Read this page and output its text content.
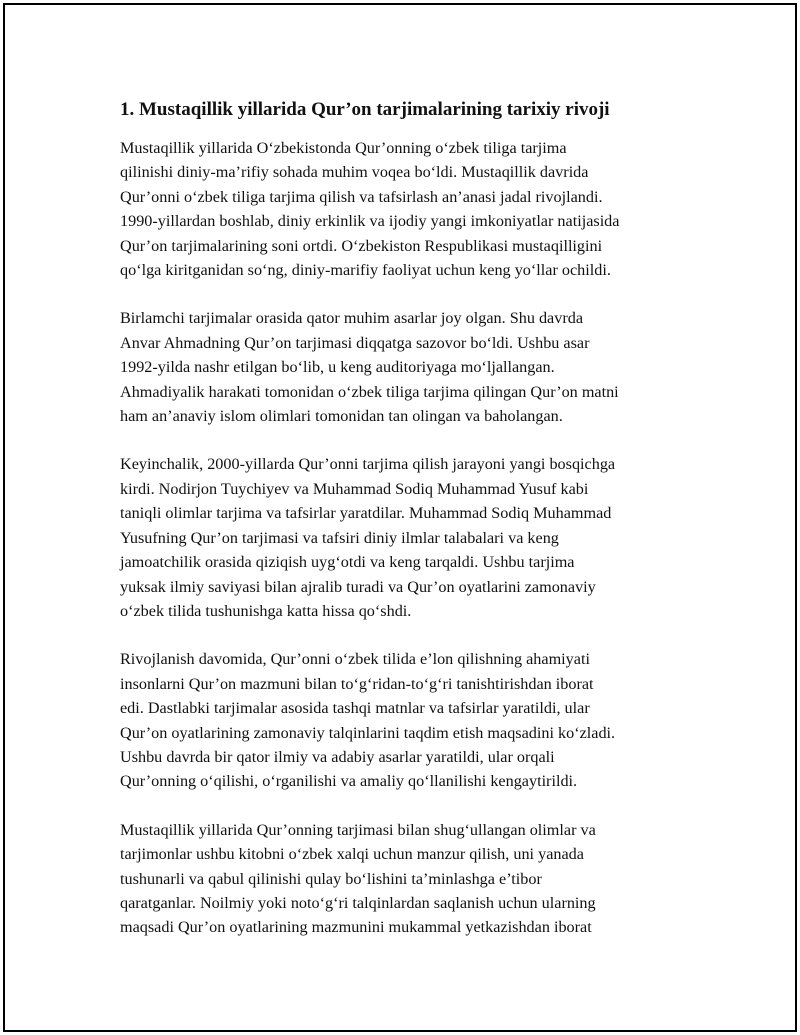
1. Mustaqillik yillarida Qur’on tarjimalarining tarixiy rivoji

Mustaqillik yillarida O‘zbekistonda Qur’onning o‘zbek tiliga tarjima
qilinishi diniy-ma’rifiy sohada muhim voqea bo‘ldi. Mustaqillik davrida
Qur’onni o‘zbek tiliga tarjima qilish va tafsirlash an’anasi jadal rivojlandi.
1990-yillardan boshlab, diniy erkinlik va ijodiy yangi imkoniyatlar natijasida
Qur’on tarjimalarining soni ortdi. O‘zbekiston Respublikasi mustaqilligini
qo‘lga kiritganidan so‘ng, diniy-marifiy faoliyat uchun keng yo‘llar ochildi.

Birlamchi tarjimalar orasida qator muhim asarlar joy olgan. Shu davrda
Anvar Ahmadning Qur’on tarjimasi diqqatga sazovor bo‘ldi. Ushbu asar
1992-yilda nashr etilgan bo‘lib, u keng auditoriyaga mo‘ljallangan.
Ahmadiyalik harakati tomonidan o‘zbek tiliga tarjima qilingan Qur’on matni
ham an’anaviy islom olimlari tomonidan tan olingan va baholangan.

Keyinchalik, 2000-yillarda Qur’onni tarjima qilish jarayoni yangi bosqichga
kirdi. Nodirjon Tuychiyev va Muhammad Sodiq Muhammad Yusuf kabi
taniqli olimlar tarjima va tafsirlar yaratdilar. Muhammad Sodiq Muhammad
Yusufning Qur’on tarjimasi va tafsiri diniy ilmlar talabalari va keng
jamoatchilik orasida qiziqish uyg‘otdi va keng tarqaldi. Ushbu tarjima
yuksak ilmiy saviyasi bilan ajralib turadi va Qur’on oyatlarini zamonaviy
o‘zbek tilida tushunishga katta hissa qo‘shdi.

Rivojlanish davomida, Qur’onni o‘zbek tilida e’lon qilishning ahamiyati
insonlarni Qur’on mazmuni bilan to‘g‘ridan-to‘g‘ri tanishtirishdan iborat
edi. Dastlabki tarjimalar asosida tashqi matnlar va tafsirlar yaratildi, ular
Qur’on oyatlarining zamonaviy talqinlarini taqdim etish maqsadini ko‘zladi.
Ushbu davrda bir qator ilmiy va adabiy asarlar yaratildi, ular orqali
Qur’onning o‘qilishi, o‘rganilishi va amaliy qo‘llanilishi kengaytirildi.

Mustaqillik yillarida Qur’onning tarjimasi bilan shug‘ullangan olimlar va
tarjimonlar ushbu kitobni o‘zbek xalqi uchun manzur qilish, uni yanada
tushunarli va qabul qilinishi qulay bo‘lishini ta’minlashga e’tibor
qaratganlar. Noilmiy yoki noto‘g‘ri talqinlardan saqlanish uchun ularning
maqsadi Qur’on oyatlarining mazmunini mukammal yetkazishdan iborat
